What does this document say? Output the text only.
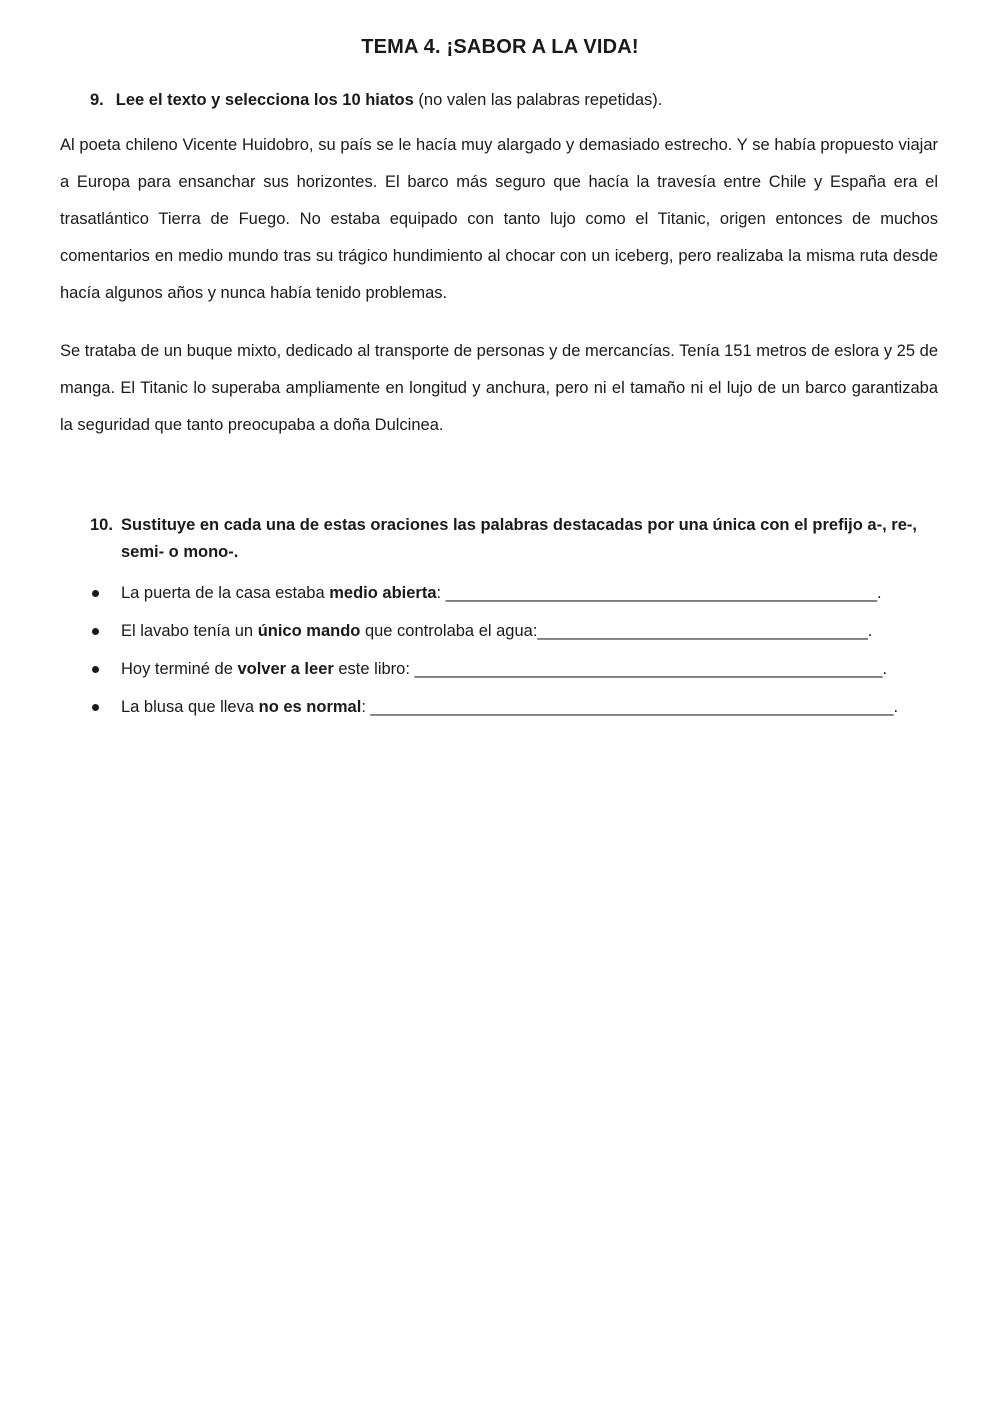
TEMA 4. ¡SABOR A LA VIDA!
9. Lee el texto y selecciona los 10 hiatos (no valen las palabras repetidas).
Al poeta chileno Vicente Huidobro, su país se le hacía muy alargado y demasiado estrecho. Y se había propuesto viajar a Europa para ensanchar sus horizontes. El barco más seguro que hacía la travesía entre Chile y España era el trasatlántico Tierra de Fuego. No estaba equipado con tanto lujo como el Titanic, origen entonces de muchos comentarios en medio mundo tras su trágico hundimiento al chocar con un iceberg, pero realizaba la misma ruta desde hacía algunos años y nunca había tenido problemas.
Se trataba de un buque mixto, dedicado al transporte de personas y de mercancías. Tenía 151 metros de eslora y 25 de manga. El Titanic lo superaba ampliamente en longitud y anchura, pero ni el tamaño ni el lujo de un barco garantizaba la seguridad que tanto preocupaba a doña Dulcinea.
10. Sustituye en cada una de estas oraciones las palabras destacadas por una única con el prefijo a-, re-, semi- o mono-.
La puerta de la casa estaba medio abierta: _______________________________________________.
El lavabo tenía un único mando que controlaba el agua:____________________________________.
Hoy terminé de volver a leer este libro: ___________________________________________________.
La blusa que lleva no es normal: _________________________________________________________.
